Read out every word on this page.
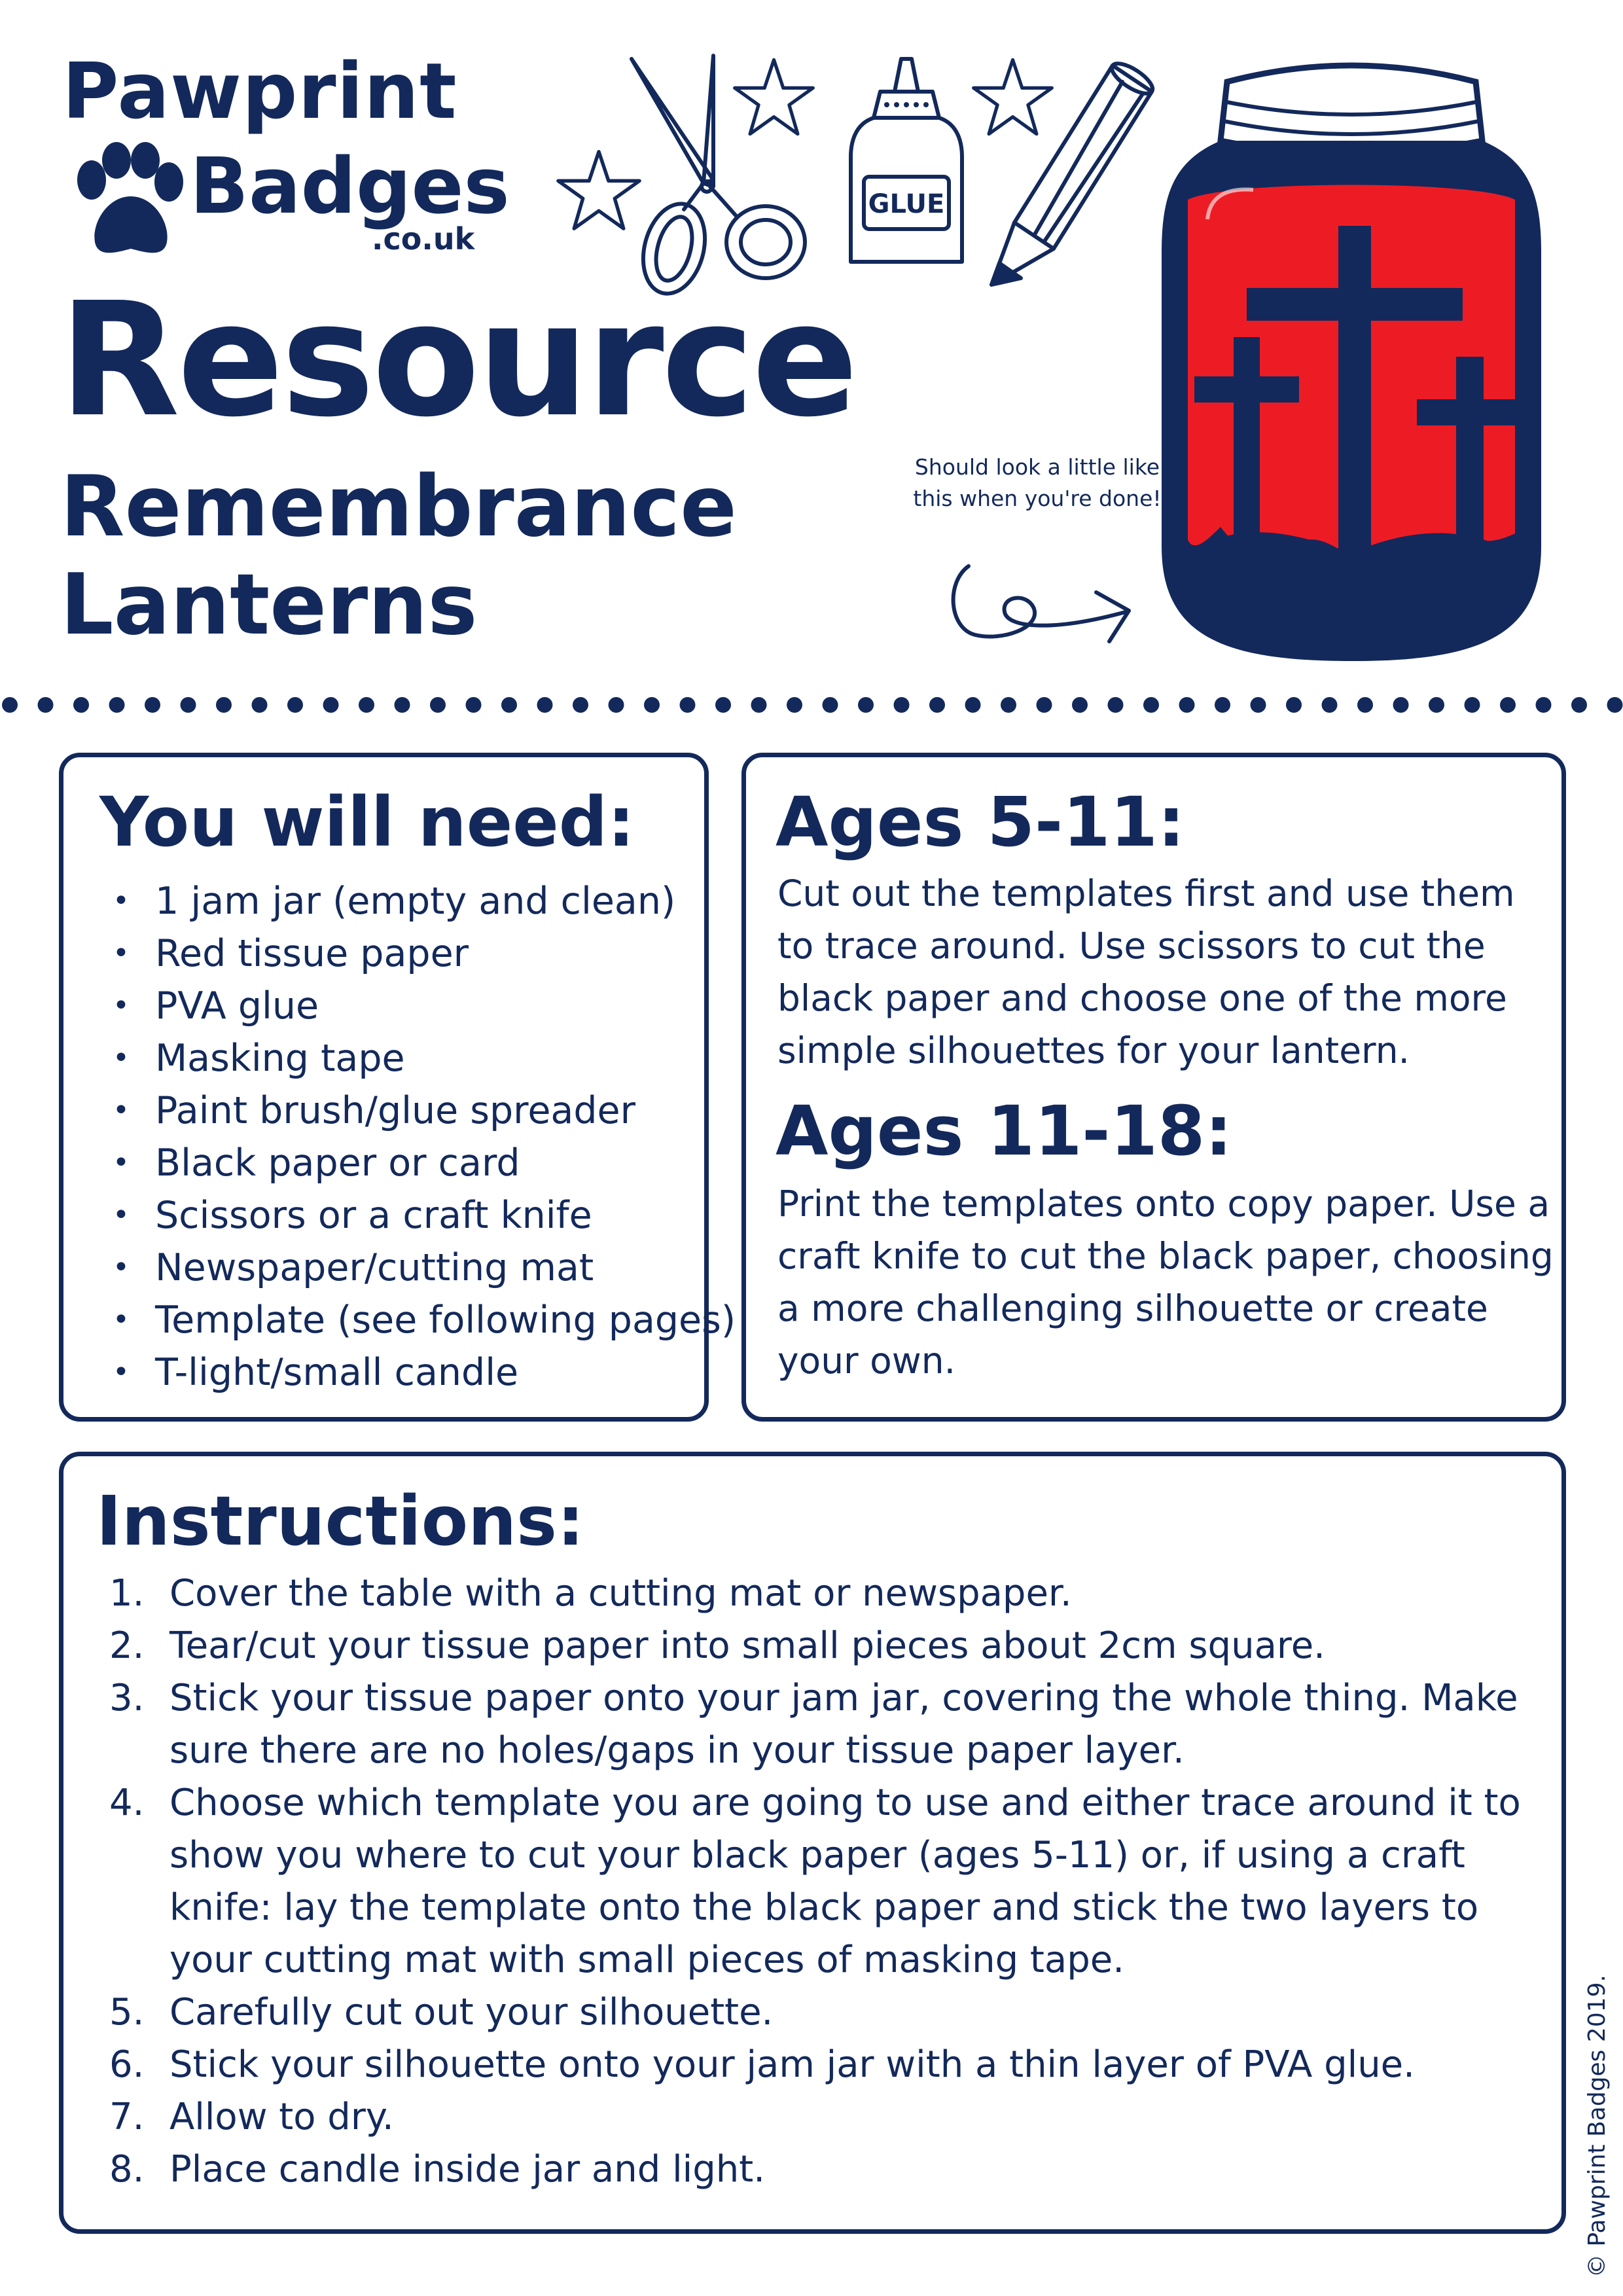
Pawprint
Badges
.co.uk
GLUE
Resource
Remembrance
Lanterns
Should look a little like this when you're done!
You will need:
• 1 jam jar (empty and clean)
• Red tissue paper
• PVA glue
• Masking tape
• Paint brush/glue spreader
• Black paper or card
• Scissors or a craft knife
• Newspaper/cutting mat
• Template (see following pages)
• T-light/small candle
Ages 5-11:
Cut out the templates first and use them to trace around. Use scissors to cut the black paper and choose one of the more simple silhouettes for your lantern.
Ages 11-18:
Print the templates onto copy paper. Use a craft knife to cut the black paper, choosing a more challenging silhouette or create your own.
Instructions:
1. Cover the table with a cutting mat or newspaper.
2. Tear/cut your tissue paper into small pieces about 2cm square.
3. Stick your tissue paper onto your jam jar, covering the whole thing. Make sure there are no holes/gaps in your tissue paper layer.
4. Choose which template you are going to use and either trace around it to show you where to cut your black paper (ages 5-11) or, if using a craft knife: lay the template onto the black paper and stick the two layers to your cutting mat with small pieces of masking tape.
5. Carefully cut out your silhouette.
6. Stick your silhouette onto your jam jar with a thin layer of PVA glue.
7. Allow to dry.
8. Place candle inside jar and light.	© Pawprint Badges 2019.
